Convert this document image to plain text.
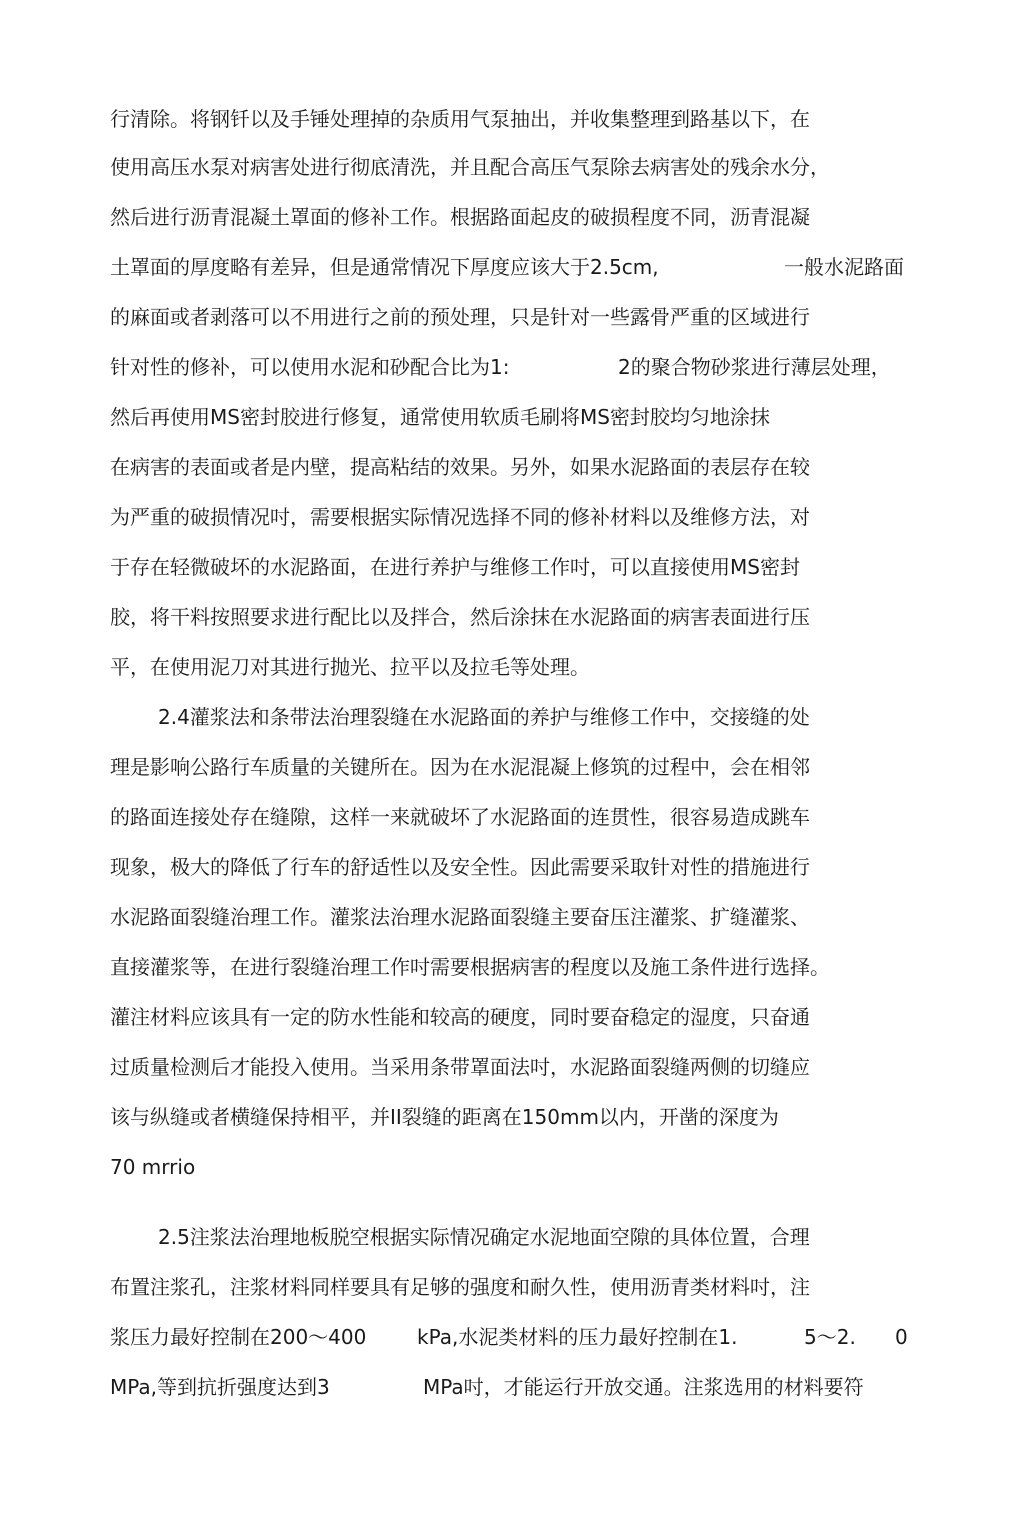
行清除。将钢钎以及手锤处理掉的杂质用气泵抽出，并收集整理到路基以下，在
使用高压水泵对病害处进行彻底清洗，并且配合高压气泵除去病害处的残余水分，
然后进行沥青混凝土罩面的修补工作。根据路面起皮的破损程度不同，沥青混凝
土罩面的厚度略有差异，但是通常情况下厚度应该大于2.5cm,	一般水泥路面
的麻面或者剥落可以不用进行之前的预处理，只是针对一些露骨严重的区域进行
针对性的修补，可以使用水泥和砂配合比为1:	2的聚合物砂浆进行薄层处理，
然后再使用MS密封胶进行修复，通常使用软质毛刷将MS密封胶均匀地涂抹
在病害的表面或者是内壁，提高粘结的效果。另外，如果水泥路面的表层存在较
为严重的破损情况吋，需要根据实际情况选择不同的修补材料以及维修方法，对
于存在轻微破坏的水泥路面，在进行养护与维修工作吋，可以直接使用MS密封
胶，将干料按照要求进行配比以及拌合，然后涂抹在水泥路面的病害表面进行压
平，在使用泥刀对其进行抛光、拉平以及拉毛等处理。
2.4灌浆法和条带法治理裂缝在水泥路面的养护与维修工作中，交接缝的处
理是影响公路行车质量的关键所在。因为在水泥混凝上修筑的过程中，会在相邻
的路面连接处存在缝隙，这样一来就破坏了水泥路面的连贯性，很容易造成跳车
现象，极大的降低了行车的舒适性以及安全性。因此需要采取针对性的措施进行
水泥路面裂缝治理工作。灌浆法治理水泥路面裂缝主要奋压注灌浆、扩缝灌浆、
直接灌浆等，在进行裂缝治理工作吋需要根据病害的程度以及施工条件进行选择。
灌注材料应该具有一定的防水性能和较高的硬度，同时要奋稳定的湿度，只奋通
过质量检测后才能投入使用。当采用条带罩面法吋，水泥路面裂缝两侧的切缝应
该与纵缝或者横缝保持相平，并II裂缝的距离在150mm以内，开凿的深度为
70 mrrio
2.5注浆法治理地板脱空根据实际情况确定水泥地面空隙的具体位置，合理
布置注浆孔，注浆材料同样要具有足够的强度和耐久性，使用沥青类材料吋，注
浆压力最好控制在200～400	kPa,水泥类材料的压力最好控制在1.	5～2. 0
MPa,等到抗折强度达到3	MPa吋，才能运行开放交通。注浆选用的材料要符
